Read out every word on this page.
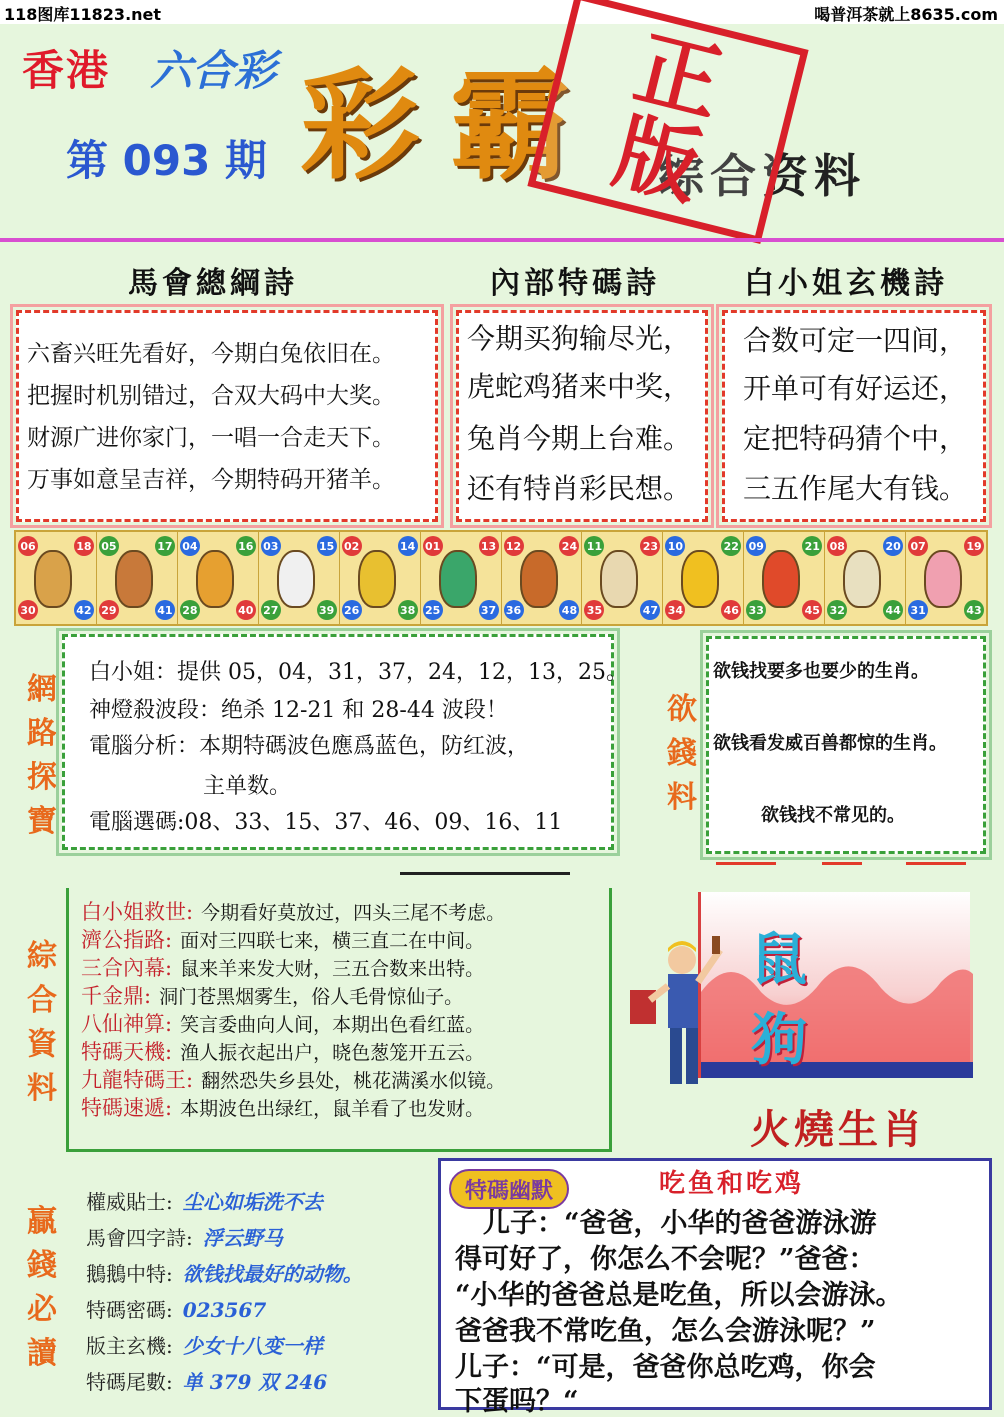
118图库11823.net	喝普洱茶就上8635.com
香港 六合彩
第 093 期 彩霸 综合资料
正
版
馬會總綱詩	內部特碼詩	白小姐玄機詩
六畜兴旺先看好，今期白兔依旧在。
把握时机别错过，合双大码中大奖。
财源广进你家门，一唱一合走天下。
万事如意呈吉祥，今期特码开猪羊。
今期买狗输尽光，
虎蛇鸡猪来中奖，
兔肖今期上台难。
还有特肖彩民想。
合数可定一四间，
开单可有好运还，
定把特码猜个中，
三五作尾大有钱。
06	18
30	42
05	17
29	41
04	16
28	40
03	15
27	39
02	14
26	38
01	13
25	37
12	24
36	48
11	23
35	47
10	22
34	46
09	21
33	45
08	20
32	44
07	19
31	43
網路探寶
白小姐：提供 05，04，31，37，24，12，13，25。
神燈殺波段：绝杀 12-21 和 28-44 波段！
電腦分析：本期特碼波色應爲蓝色，防红波，
主单数。
電腦選碼:08、33、15、37、46、09、16、11
欲錢料
欲钱找要多也要少的生肖。
欲钱看发威百兽都惊的生肖。
欲钱找不常见的。
綜合資料
白小姐救世: 今期看好莫放过，四头三尾不考虑。
濟公指路: 面对三四联七来，横三直二在中间。
三合內幕: 鼠来羊来发大财，三五合数来出特。
千金鼎: 洞门苍黑烟雾生，俗人毛骨惊仙子。
八仙神算: 笑言委曲向人间，本期出色看红蓝。
特碼天機: 渔人振衣起出户，晓色葱笼开五云。
九龍特碼王: 翻然恐失乡县处，桃花满溪水似镜。
特碼速遞: 本期波色出绿红，鼠羊看了也发财。
鼠 狗
火燒生肖
贏錢必讀
權威貼士: 尘心如垢洗不去
馬會四字詩: 浮云野马
鵝鵝中特: 欲钱找最好的动物。
特碼密碼: 023567
版主玄機: 少女十八变一样
特碼尾數: 单 379 双 246
特碼幽默	吃鱼和吃鸡
儿子：“爸爸，小华的爸爸游泳游
得可好了，你怎么不会呢？”爸爸：
“小华的爸爸总是吃鱼，所以会游泳。
爸爸我不常吃鱼，怎么会游泳呢？”
儿子：“可是，爸爸你总吃鸡，你会
下蛋吗？“
